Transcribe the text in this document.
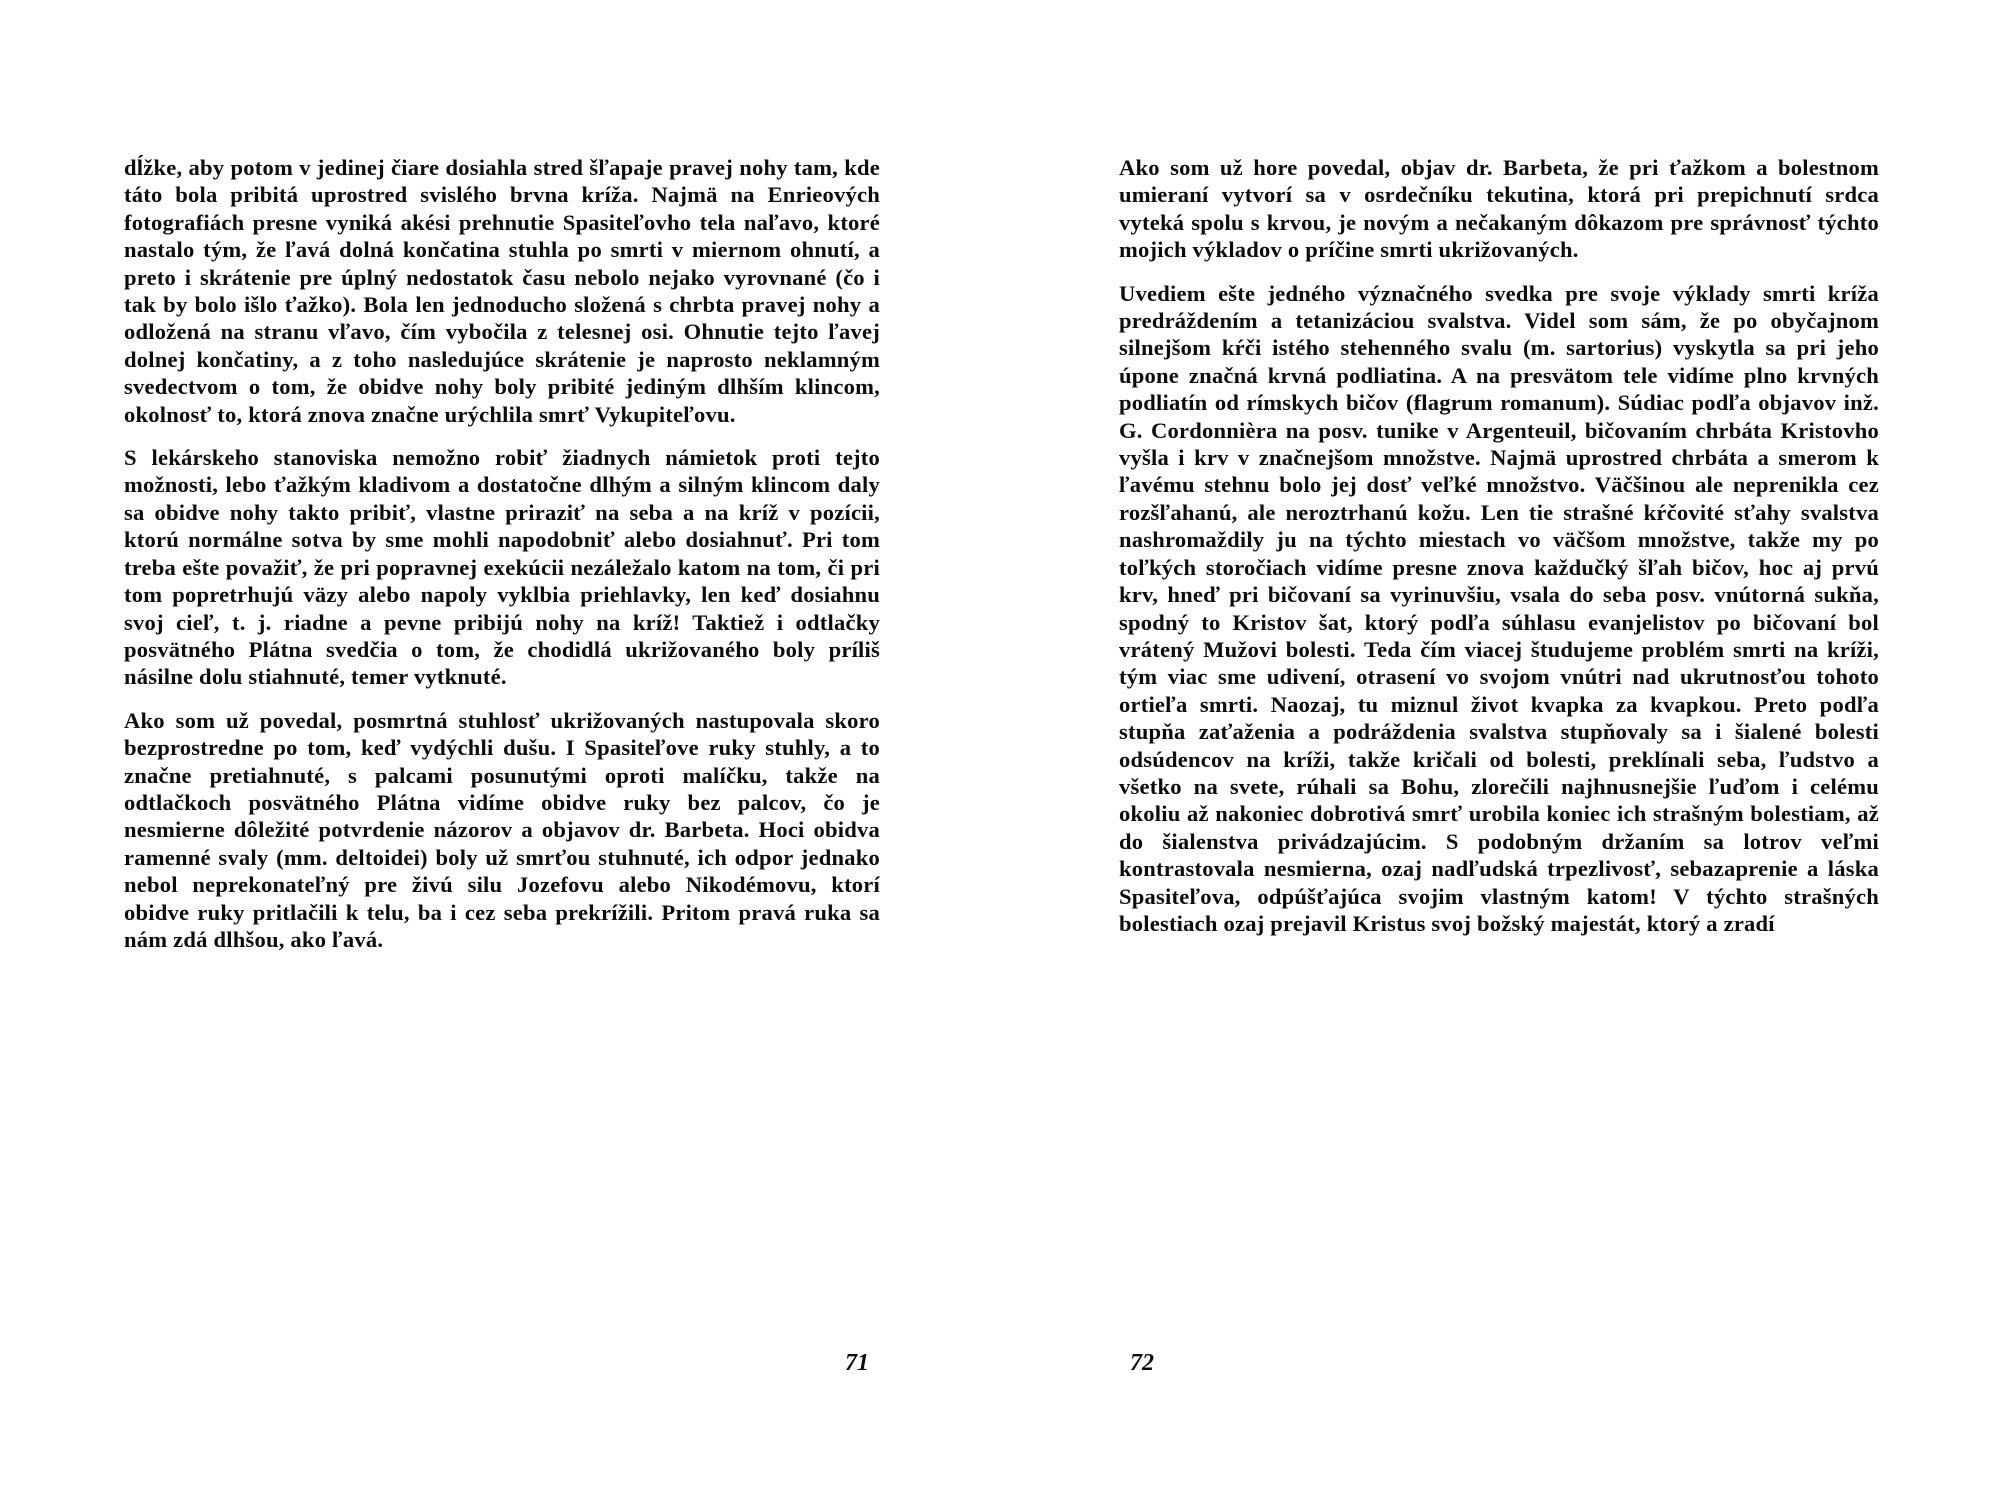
dĺžke, aby potom v jedinej čiare dosiahla stred šľapaje pravej nohy tam, kde táto bola pribitá uprostred svislého brvna kríža. Najmä na Enrieových fotografiách presne vyniká akési prehnutie Spasiteľovho tela naľavo, ktoré nastalo tým, že ľavá dolná končatina stuhla po smrti v miernom ohnutí, a preto i skrátenie pre úplný nedostatok času nebolo nejako vyrovnané (čo i tak by bolo išlo ťažko). Bola len jednoducho složená s chrbta pravej nohy a odložená na stranu vľavo, čím vybočila z telesnej osi. Ohnutie tejto ľavej dolnej končatiny, a z toho nasledujúce skrátenie je naprosto neklamným svedectvom o tom, že obidve nohy boly pribité jediným dlhším klincom, okolnosť to, ktorá znova značne urýchlila smrť Vykupiteľovu.

S lekárskeho stanoviska nemožno robiť žiadnych námietok proti tejto možnosti, lebo ťažkým kladivom a dostatočne dlhým a silným klincom daly sa obidve nohy takto pribiť, vlastne priraziť na seba a na kríž v pozícii, ktorú normálne sotva by sme mohli napodobniť alebo dosiahnuť. Pri tom treba ešte považiť, že pri popravnej exekúcii nezáležalo katom na tom, či pri tom popretrhujú väzy alebo napoly vyklbia priehlavky, len keď dosiahnu svoj cieľ, t. j. riadne a pevne pribijú nohy na kríž! Taktiež i odtlačky posvätného Plátna svedčia o tom, že chodidlá ukrižovaného boly príliš násilne dolu stiahnuté, temer vytknuté.

Ako som už povedal, posmrtná stuhlosť ukrižovaných nastupovala skoro bezprostredne po tom, keď vydýchli dušu. I Spasiteľove ruky stuhly, a to značne pretiahnuté, s palcami posunutými oproti malíčku, takže na odtlačkoch posvätného Plátna vidíme obidve ruky bez palcov, čo je nesmierne dôležité potvrdenie názorov a objavov dr. Barbeta. Hoci obidva ramenné svaly (mm. deltoidei) boly už smrťou stuhnuté, ich odpor jednako nebol neprekonateľný pre živú silu Jozefovu alebo Nikodémovu, ktorí obidve ruky pritlačili k telu, ba i cez seba prekrížili. Pritom pravá ruka sa nám zdá dlhšou, ako ľavá.

71

Ako som už hore povedal, objav dr. Barbeta, že pri ťažkom a bolestnom umieraní vytvorí sa v osrdečníku tekutina, ktorá pri prepichnutí srdca vyteká spolu s krvou, je novým a nečakaným dôkazom pre správnosť týchto mojich výkladov o príčine smrti ukrižovaných.

Uvediem ešte jedného význačného svedka pre svoje výklady smrti kríža predráždením a tetanizáciou svalstva. Videl som sám, že po obyčajnom silnejšom kŕči istého stehenného svalu (m. sartorius) vyskytla sa pri jeho úpone značná krvná podliatina. A na presvätom tele vidíme plno krvných podliatín od rímskych bičov (flagrum romanum). Súdiac podľa objavov inž. G. Cordonnièra na posv. tunike v Argenteuil, bičovaním chrbáta Kristovho vyšla i krv v značnejšom množstve. Najmä uprostred chrbáta a smerom k ľavému stehnu bolo jej dosť veľké množstvo. Väčšinou ale neprenikla cez rozšľahanú, ale neroztrhanú kožu. Len tie strašné kŕčovité sťahy svalstva nashromaždily ju na týchto miestach vo väčšom množstve, takže my po toľkých storočiach vidíme presne znova každučký šľah bičov, hoc aj prvú krv, hneď pri bičovaní sa vyrinuvšiu, vsala do seba posv. vnútorná sukňa, spodný to Kristov šat, ktorý podľa súhlasu evanjelistov po bičovaní bol vrátený Mužovi bolesti. Teda čím viacej študujeme problém smrti na kríži, tým viac sme udivení, otrasení vo svojom vnútri nad ukrutnosťou tohoto ortieľa smrti. Naozaj, tu miznul život kvapka za kvapkou. Preto podľa stupňa zaťaženia a podráždenia svalstva stupňovaly sa i šialené bolesti odsúdencov na kríži, takže kričali od bolesti, preklínali seba, ľudstvo a všetko na svete, rúhali sa Bohu, zlorečili najhnusnejšie ľuďom i celému okoliu až nakoniec dobrotivá smrť urobila koniec ich strašným bolestiam, až do šialenstva privádzajúcim. S podobným držaním sa lotrov veľmi kontrastovala nesmierna, ozaj nadľudská trpezlivosť, sebazaprenie a láska Spasiteľova, odpúšťajúca svojim vlastným katom! V týchto strašných bolestiach ozaj prejavil Kristus svoj božský majestát, ktorý a zradí

72
